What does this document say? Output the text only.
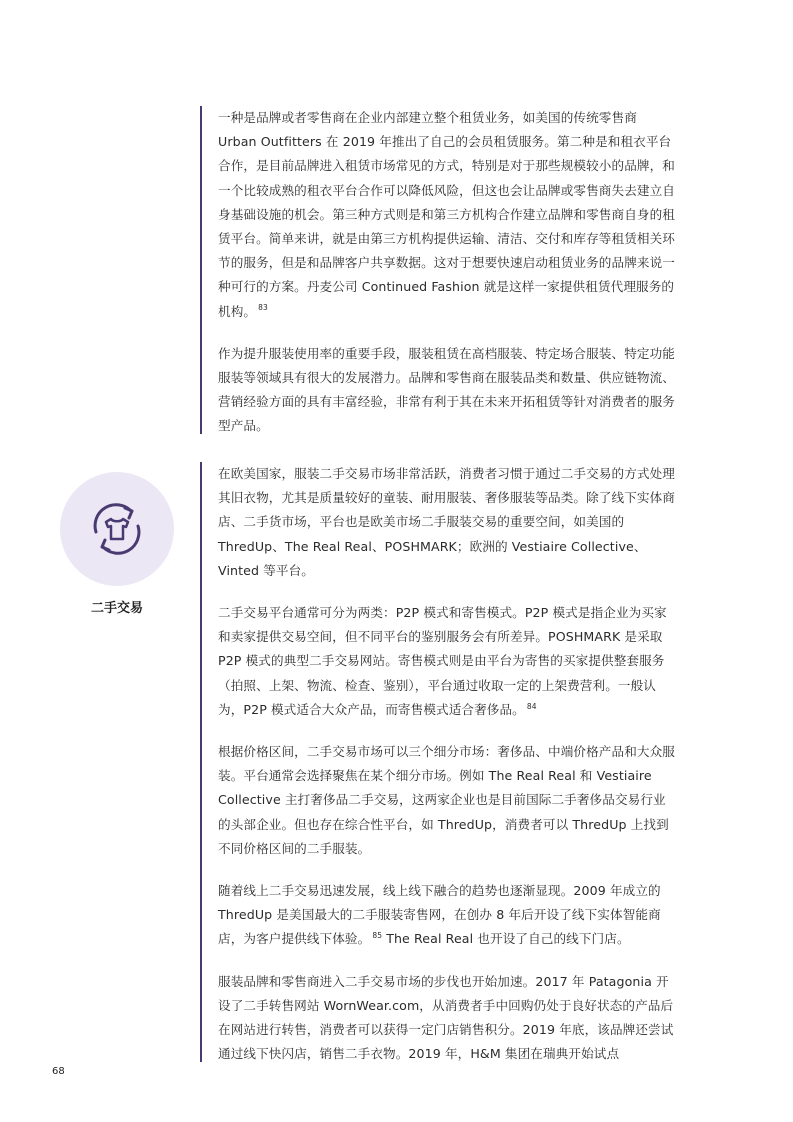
一种是品牌或者零售商在企业内部建立整个租赁业务，如美国的传统零售商 Urban Outfitters 在 2019 年推出了自己的会员租赁服务。第二种是和租衣平台合作，是目前品牌进入租赁市场常见的方式，特别是对于那些规模较小的品牌，和一个比较成熟的租衣平台合作可以降低风险，但这也会让品牌或零售商失去建立自身基础设施的机会。第三种方式则是和第三方机构合作建立品牌和零售商自身的租赁平台。简单来讲，就是由第三方机构提供运输、清洁、交付和库存等租赁相关环节的服务，但是和品牌客户共享数据。这对于想要快速启动租赁业务的品牌来说一种可行的方案。丹麦公司 Continued Fashion 就是这样一家提供租赁代理服务的机构。 $^{83}$

作为提升服装使用率的重要手段，服装租赁在高档服装、特定场合服装、特定功能服装等领域具有很大的发展潜力。品牌和零售商在服装品类和数量、供应链物流、营销经验方面的具有丰富经验，非常有利于其在未来开拓租赁等针对消费者的服务型产品。

二手交易

在欧美国家，服装二手交易市场非常活跃，消费者习惯于通过二手交易的方式处理其旧衣物，尤其是质量较好的童装、耐用服装、奢侈服装等品类。除了线下实体商店、二手货市场，平台也是欧美市场二手服装交易的重要空间，如美国的 ThredUp、The Real Real、POSHMARK；欧洲的 Vestiaire Collective、Vinted 等平台。

二手交易平台通常可分为两类：P2P 模式和寄售模式。P2P 模式是指企业为买家和卖家提供交易空间，但不同平台的鉴别服务会有所差异。POSHMARK 是采取 P2P 模式的典型二手交易网站。寄售模式则是由平台为寄售的买家提供整套服务（拍照、上架、物流、检查、鉴别），平台通过收取一定的上架费营利。一般认为，P2P 模式适合大众产品，而寄售模式适合奢侈品。 $^{84}$

根据价格区间，二手交易市场可以三个细分市场：奢侈品、中端价格产品和大众服装。平台通常会选择聚焦在某个细分市场。例如 The Real Real 和 Vestiaire Collective 主打奢侈品二手交易，这两家企业也是目前国际二手奢侈品交易行业的头部企业。但也存在综合性平台，如 ThredUp，消费者可以 ThredUp 上找到不同价格区间的二手服装。

随着线上二手交易迅速发展，线上线下融合的趋势也逐渐显现。2009 年成立的 ThredUp 是美国最大的二手服装寄售网，在创办 8 年后开设了线下实体智能商店，为客户提供线下体验。 $^{85}$ The Real Real 也开设了自己的线下门店。

服装品牌和零售商进入二手交易市场的步伐也开始加速。2017 年 Patagonia 开设了二手转售网站 WornWear.com，从消费者手中回购仍处于良好状态的产品后在网站进行转售，消费者可以获得一定门店销售积分。2019 年底，该品牌还尝试通过线下快闪店，销售二手衣物。2019 年，H&M 集团在瑞典开始试点

68
